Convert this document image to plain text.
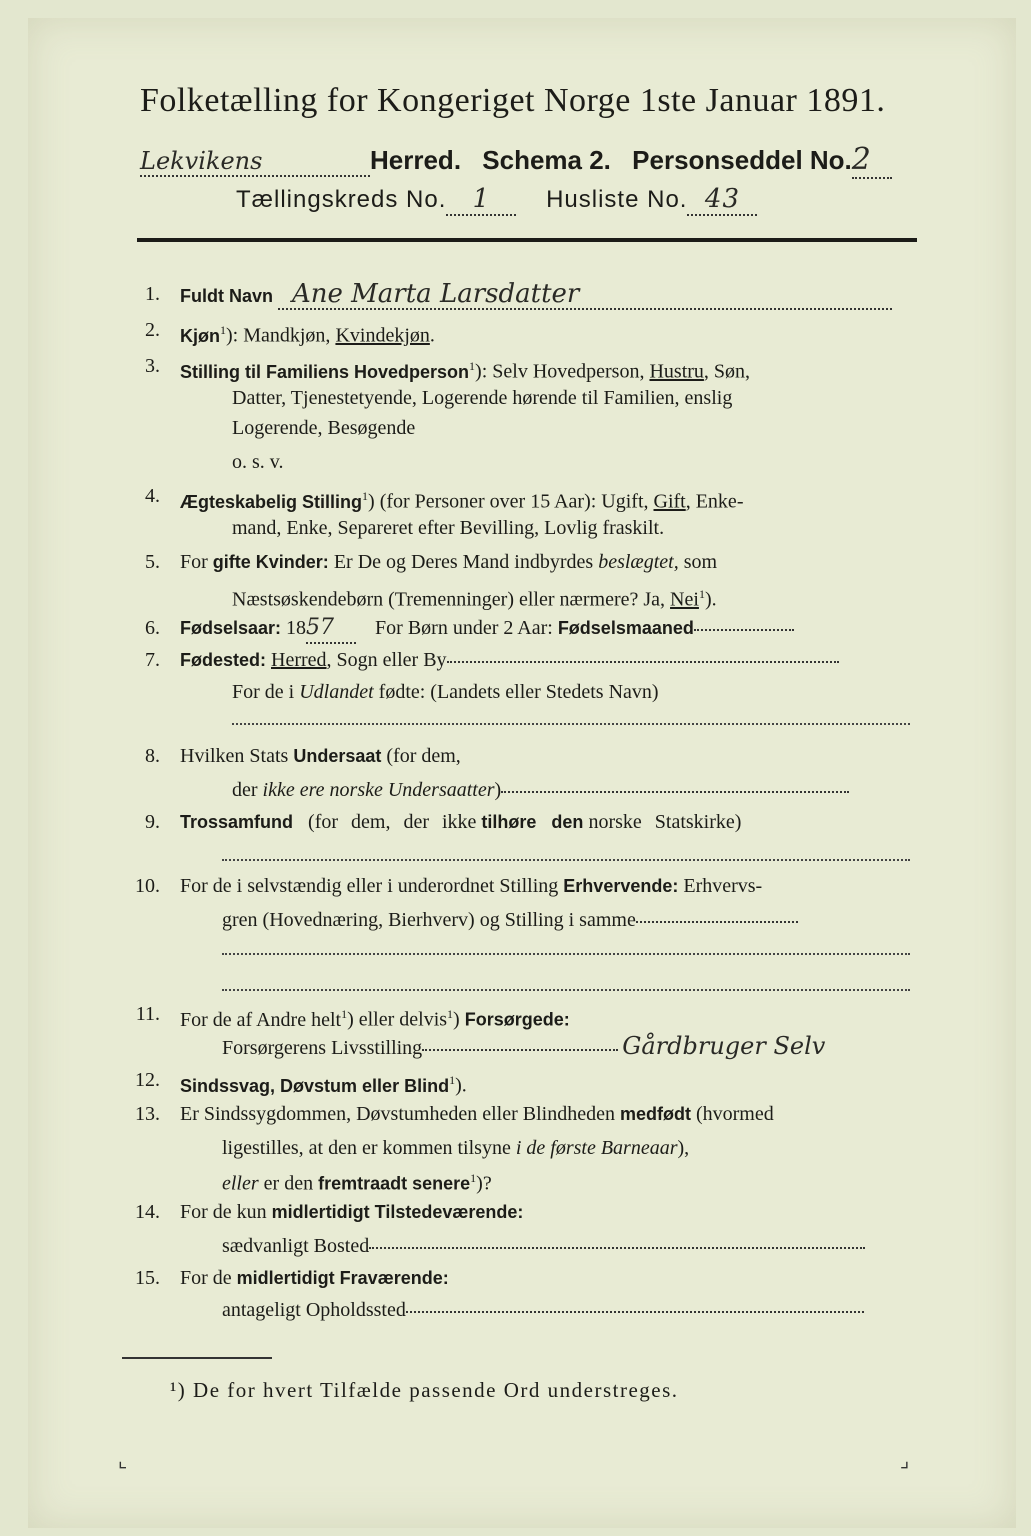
Folketælling for Kongeriget Norge 1ste Januar 1891.
Lekvikens	Herred. Schema 2. Personseddel No.2
Tællingskreds No. 1 Husliste No. 43
1. Fuldt Navn Ane Marta Larsdatter
2. Kjøn$^1$): Mandkjøn, Kvindekjøn.
3. Stilling til Familiens Hovedperson$^1$): Selv Hovedperson, Hustru, Søn,
Datter, Tjenestetyende, Logerende hørende til Familien, enslig
Logerende, Besøgende
o. s. v.
4. Ægteskabelig Stilling$^1$) (for Personer over 15 Aar): Ugift, Gift, Enke-
mand, Enke, Separeret efter Bevilling, Lovlig fraskilt.
5. For gifte Kvinder: Er De og Deres Mand indbyrdes beslægtet, som
Næstsøskendebørn (Tremenninger) eller nærmere? Ja, Nei$^1$).
6. Fødselsaar: 1857 For Børn under 2 Aar: Fødselsmaaned
7. Fødested: Herred, Sogn eller By
For de i Udlandet fødte: (Landets eller Stedets Navn)
8. Hvilken Stats Undersaat (for dem,
der ikke ere norske Undersaatter)
9. Trossamfund (for dem, der ikke tilhøre den norske Statskirke)
10. For de i selvstændig eller i underordnet Stilling Erhvervende: Erhvervs-
gren (Hovednæring, Bierhverv) og Stilling i samme
11. For de af Andre helt$^1$) eller delvis$^1$) Forsørgede:
Forsørgerens Livsstilling	Gårdbruger Selv
12. Sindssvag, Døvstum eller Blind$^1$).
13. Er Sindssygdommen, Døvstumheden eller Blindheden medfødt (hvormed
ligestilles, at den er kommen tilsyne i de første Barneaar),
eller er den fremtraadt senere$^1$)?
14. For de kun midlertidigt Tilstedeværende:
sædvanligt Bosted
15. For de midlertidigt Fraværende:
antageligt Opholdssted
¹) De for hvert Tilfælde passende Ord understreges.
⌞	⌟
